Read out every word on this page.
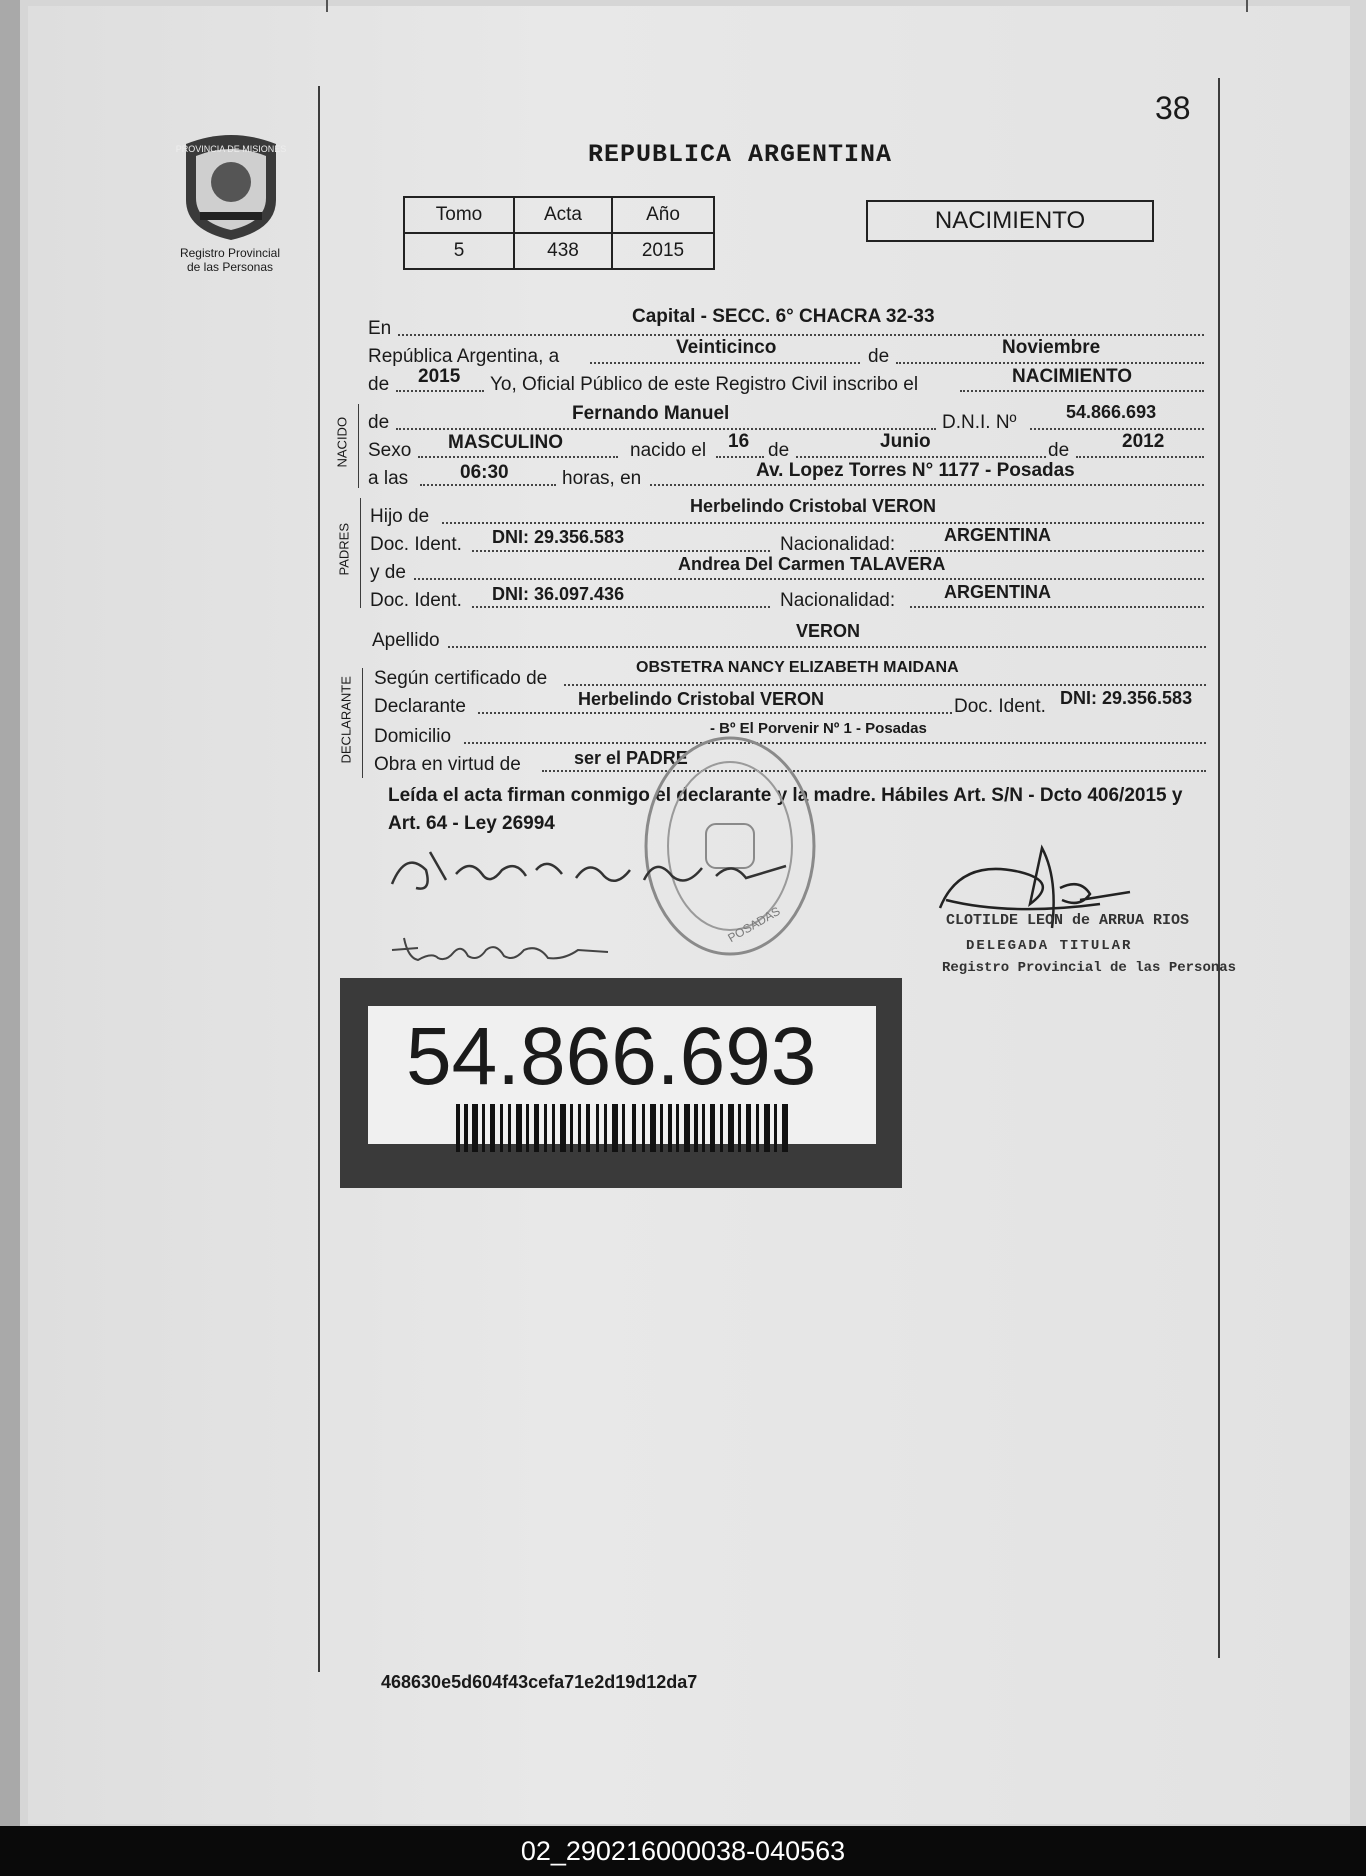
38
REPUBLICA ARGENTINA
PROVINCIA DE MISIONES
Registro Provincial
de las Personas
Tomo	Acta	Año
5	438	2015
NACIMIENTO
En
Capital - SECC. 6° CHACRA 32-33
República Argentina, a	Veinticinco	de	Noviembre
de 2015 Yo, Oficial Público de este Registro Civil inscribo el	NACIMIENTO
NACIDO de	Fernando Manuel	D.N.I. Nº	54.866.693
Sexo MASCULINO	nacido el 16 de	Junio	de	2012
a las	06:30	horas, en	Av. Lopez Torres N° 1177 - Posadas
PADRES
Hijo de	Herbelindo Cristobal VERON
Doc. Ident. DNI: 29.356.583	Nacionalidad:	ARGENTINA
y de	Andrea Del Carmen TALAVERA
Doc. Ident. DNI: 36.097.436	Nacionalidad:	ARGENTINA
Apellido	VERON
DECLARANTE Según certificado de
OBSTETRA NANCY ELIZABETH MAIDANA
Declarante	Herbelindo Cristobal VERON	Doc. Ident. DNI: 29.356.583
Domicilio	- Bº El Porvenir Nº 1 - Posadas
Obra en virtud de	ser el PADRE
Leída el acta firman conmigo el declarante y la madre. Hábiles Art. S/N - Dcto 406/2015 y Art. 64 - Ley 26994
POSADAS	CLOTILDE LEON de ARRUA RIOS
DELEGADA TITULAR
Registro Provincial de las Personas
54.866.693
468630e5d604f43cefa71e2d19d12da7
02_290216000038-040563
